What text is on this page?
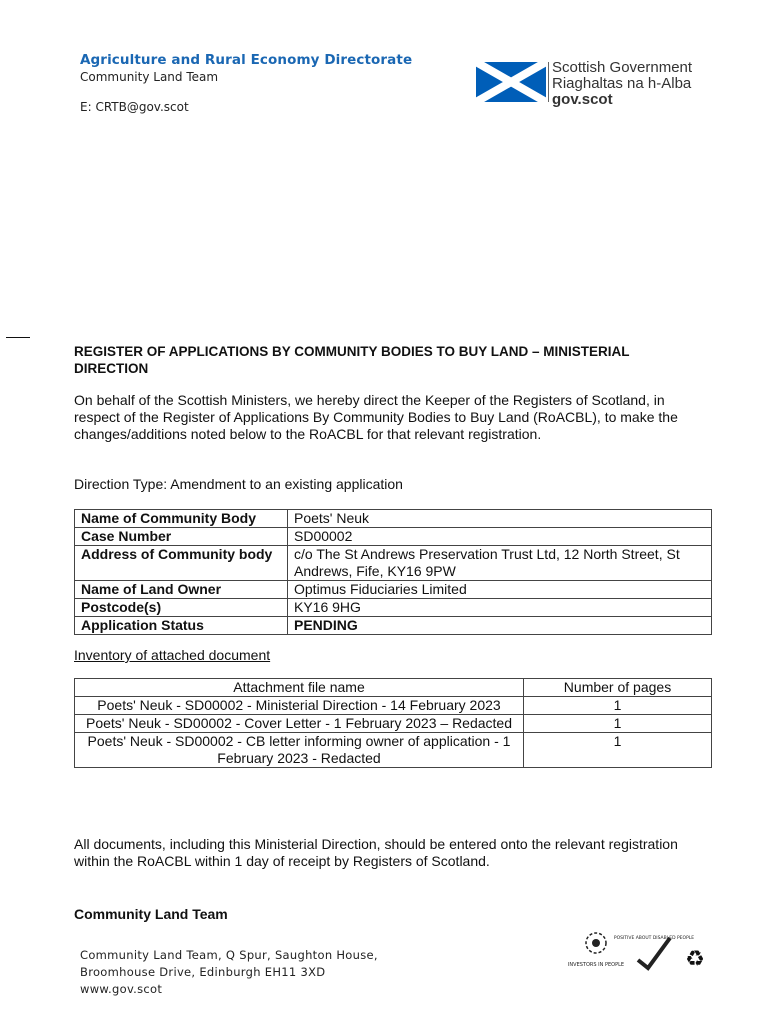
Agriculture and Rural Economy Directorate
Community Land Team
E: CRTB@gov.scot
Scottish Government
Riaghaltas na h-Alba
gov.scot
REGISTER OF APPLICATIONS BY COMMUNITY BODIES TO BUY LAND – MINISTERIAL DIRECTION
On behalf of the Scottish Ministers, we hereby direct the Keeper of the Registers of Scotland, in respect of the Register of Applications By Community Bodies to Buy Land (RoACBL), to make the changes/additions noted below to the RoACBL for that relevant registration.
Direction Type: Amendment to an existing application
Name of Community Body	Poets' Neuk
Case Number	SD00002
Address of Community body	c/o The St Andrews Preservation Trust Ltd, 12 North Street, St Andrews, Fife, KY16 9PW
Name of Land Owner	Optimus Fiduciaries Limited
Postcode(s)	KY16 9HG
Application Status	PENDING
Inventory of attached document
Attachment file name	Number of pages
Poets' Neuk - SD00002 - Ministerial Direction - 14 February 2023	1
Poets' Neuk - SD00002 - Cover Letter - 1 February 2023 – Redacted	1
Poets' Neuk - SD00002 - CB letter informing owner of application - 1 February 2023 - Redacted	1
All documents, including this Ministerial Direction, should be entered onto the relevant registration within the RoACBL within 1 day of receipt by Registers of Scotland.
Community Land Team
Community Land Team, Q Spur, Saughton House,
Broomhouse Drive, Edinburgh EH11 3XD
www.gov.scot
INVESTORS IN PEOPLE
POSITIVE ABOUT DISABLED PEOPLE
♻
